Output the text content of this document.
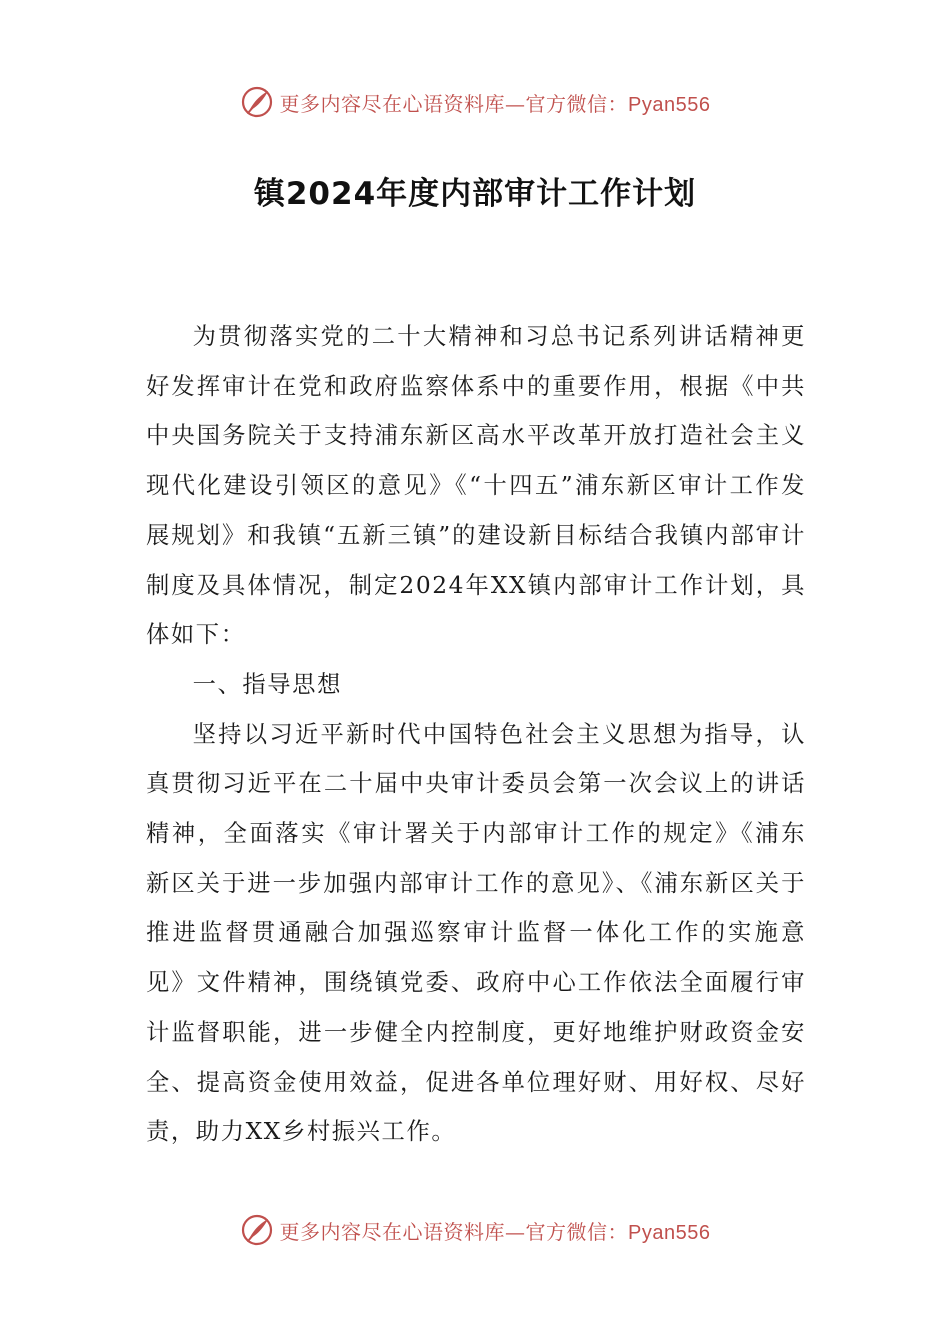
更多内容尽在心语资料库—官方微信：Pyan556
镇2024年度内部审计工作计划

为贯彻落实党的二十大精神和习总书记系列讲话精神更好发挥审计在党和政府监察体系中的重要作用，根据《中共中央国务院关于支持浦东新区高水平改革开放打造社会主义现代化建设引领区的意见》《“十四五”浦东新区审计工作发展规划》和我镇“五新三镇”的建设新目标结合我镇内部审计制度及具体情况，制定2024年XX镇内部审计工作计划，具体如下：

一、指导思想

坚持以习近平新时代中国特色社会主义思想为指导，认真贯彻习近平在二十届中央审计委员会第一次会议上的讲话精神，全面落实《审计署关于内部审计工作的规定》《浦东新区关于进一步加强内部审计工作的意见》、《浦东新区关于推进监督贯通融合加强巡察审计监督一体化工作的实施意见》文件精神，围绕镇党委、政府中心工作依法全面履行审计监督职能，进一步健全内控制度，更好地维护财政资金安全、提高资金使用效益，促进各单位理好财、用好权、尽好责，助力XX乡村振兴工作。

更多内容尽在心语资料库—官方微信：Pyan556
